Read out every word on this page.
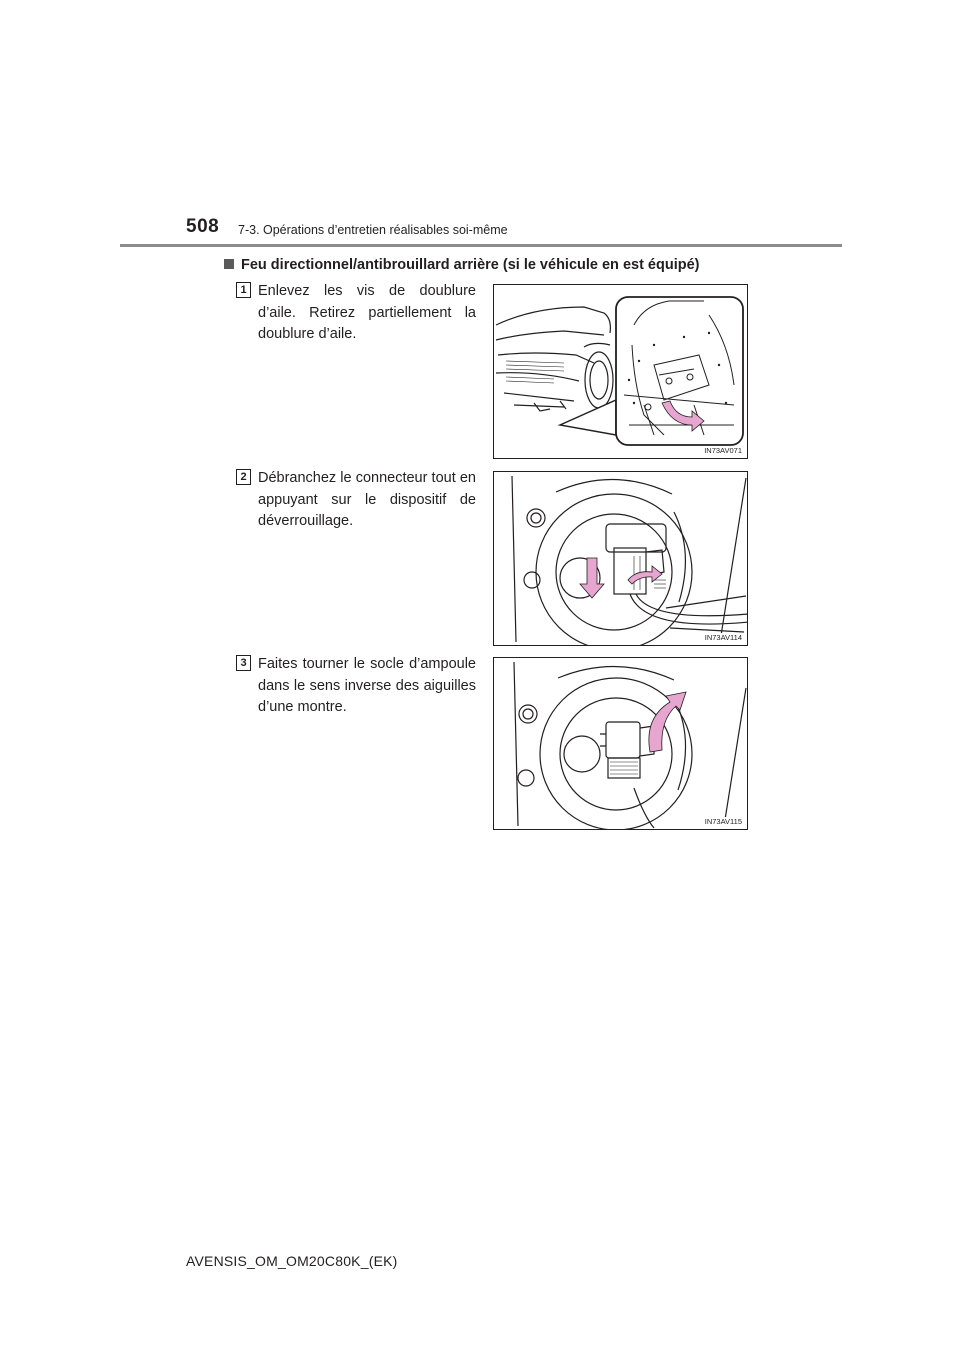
508 7-3. Opérations d’entretien réalisables soi-même
Feu directionnel/antibrouillard arrière (si le véhicule en est équipé)
1 Enlevez les vis de doublure d’aile. Retirez partiellement la doublure d’aile.
IN73AV071
2 Débranchez le connecteur tout en appuyant sur le dispositif de déverrouillage.
IN73AV114
3 Faites tourner le socle d’ampoule dans le sens inverse des aiguilles d’une montre.
IN73AV115
AVENSIS_OM_OM20C80K_(EK)
